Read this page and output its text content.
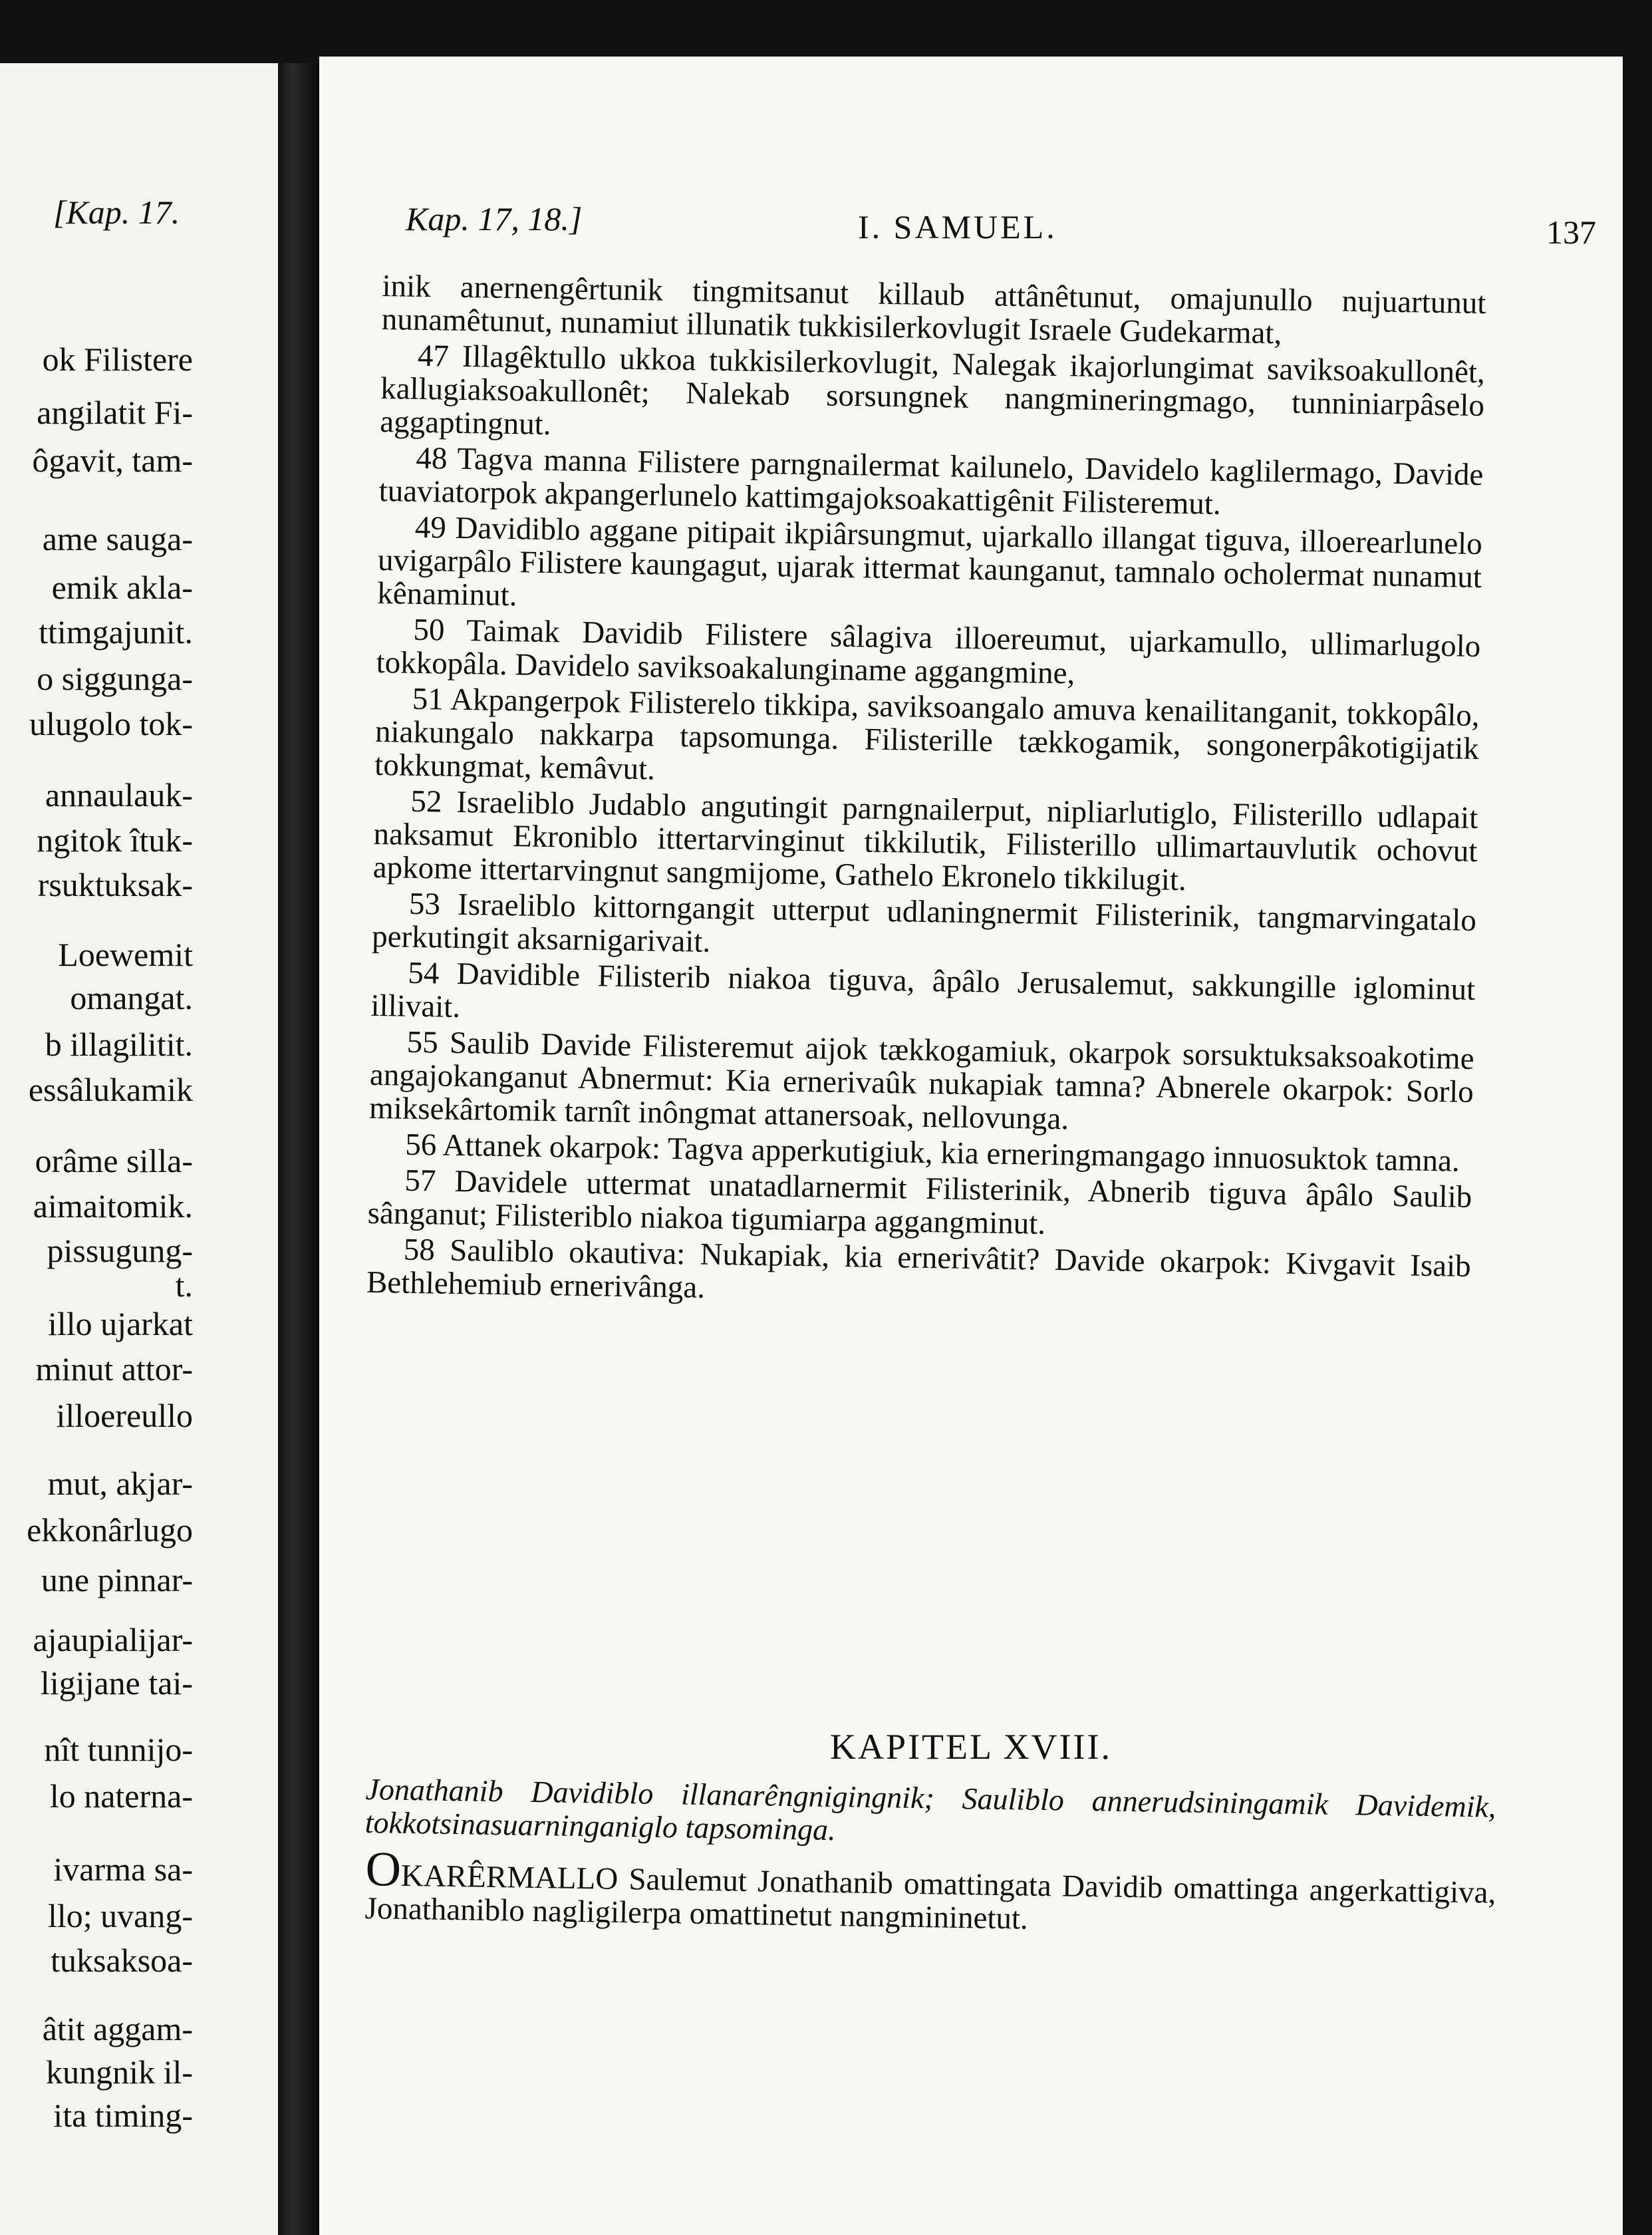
[Kap. 17.
ok Filistere
angilatit Fi-
ôgavit, tam-
ame sauga-
emik akla-
ttimgajunit.
o siggunga-
ulugolo tok-
annaulauk-
ngitok îtuk-
rsuktuksak-
Loewemit
omangat.
b illagilitit.
essâlukamik
orâme silla-
aimaitomik.
pissugung-
t.
illo ujarkat
minut attor-
illoereullo
mut, akjar-
ekkonârlugo
une pinnar-
ajaupialijar-
ligijane tai-
nît tunnijo-
lo naterna-
ivarma sa-
llo; uvang-
tuksaksoa-
âtit aggam-
kungnik il-
ita timing-
Kap. 17, 18.]	I. SAMUEL.	137

inik anernengêrtunik tingmitsanut killaub attânêtunut, omajunullo nujuartunut nunamêtunut, nunamiut illunatik tukkisilerkovlugit Israele Gudekarmat,

47 Illagêktullo ukkoa tukkisilerkovlugit, Nalegak ikajorlungimat saviksoakullonêt, kallugiaksoakullonêt; Nalekab sorsungnek nangmineringmago, tunniniarpâselo aggaptingnut.

48 Tagva manna Filistere parngnailermat kailunelo, Davidelo kaglilermago, Davide tuaviatorpok akpangerlunelo kattimgajoksoakattigênit Filisteremut.

49 Davidiblo aggane pitipait ikpiârsungmut, ujarkallo illangat tiguva, illoerearlunelo uvigarpâlo Filistere kaungagut, ujarak ittermat kaunganut, tamnalo ocholermat nunamut kênaminut.

50 Taimak Davidib Filistere sâlagiva illoereumut, ujarkamullo, ullimarlugolo tokkopâla. Davidelo saviksoakalunginame aggangmine,

51 Akpangerpok Filisterelo tikkipa, saviksoangalo amuva kenailitanganit, tokkopâlo, niakungalo nakkarpa tapsomunga. Filisterille tækkogamik, songonerpâkotigijatik tokkungmat, kemâvut.

52 Israeliblo Judablo angutingit parngnailerput, nipliarlutiglo, Filisterillo udlapait naksamut Ekroniblo ittertarvinginut tikkilutik, Filisterillo ullimartauvlutik ochovut apkome ittertarvingnut sangmijome, Gathelo Ekronelo tikkilugit.

53 Israeliblo kittorngangit utterput udlaningnermit Filisterinik, tangmarvingatalo perkutingit aksarnigarivait.

54 Davidible Filisterib niakoa tiguva, âpâlo Jerusalemut, sakkungille iglominut illivait.

55 Saulib Davide Filisteremut aijok tækkogamiuk, okarpok sorsuktuksaksoakotime angajokanganut Abnermut: Kia ernerivaûk nukapiak tamna? Abnerele okarpok: Sorlo miksekârtomik tarnît inôngmat attanersoak, nellovunga.

56 Attanek okarpok: Tagva apperkutigiuk, kia erneringmangago innuosuktok tamna.

57 Davidele uttermat unatadlarnermit Filisterinik, Abnerib tiguva âpâlo Saulib sânganut; Filisteriblo niakoa tigumiarpa aggangminut.

58 Sauliblo okautiva: Nukapiak, kia ernerivâtit? Davide okarpok: Kivgavit Isaib Bethlehemiub ernerivânga.

KAPITEL XVIII.
Jonathanib Davidiblo illanarêngnigingnik; Sauliblo annerudsiningamik Davidemik, tokkotsinasuarninganiglo tapsominga.
OKARÊRMALLO Saulemut Jonathanib omattingata Davidib omattinga angerkattigiva, Jonathaniblo nagligilerpa omattinetut nangmininetut.
